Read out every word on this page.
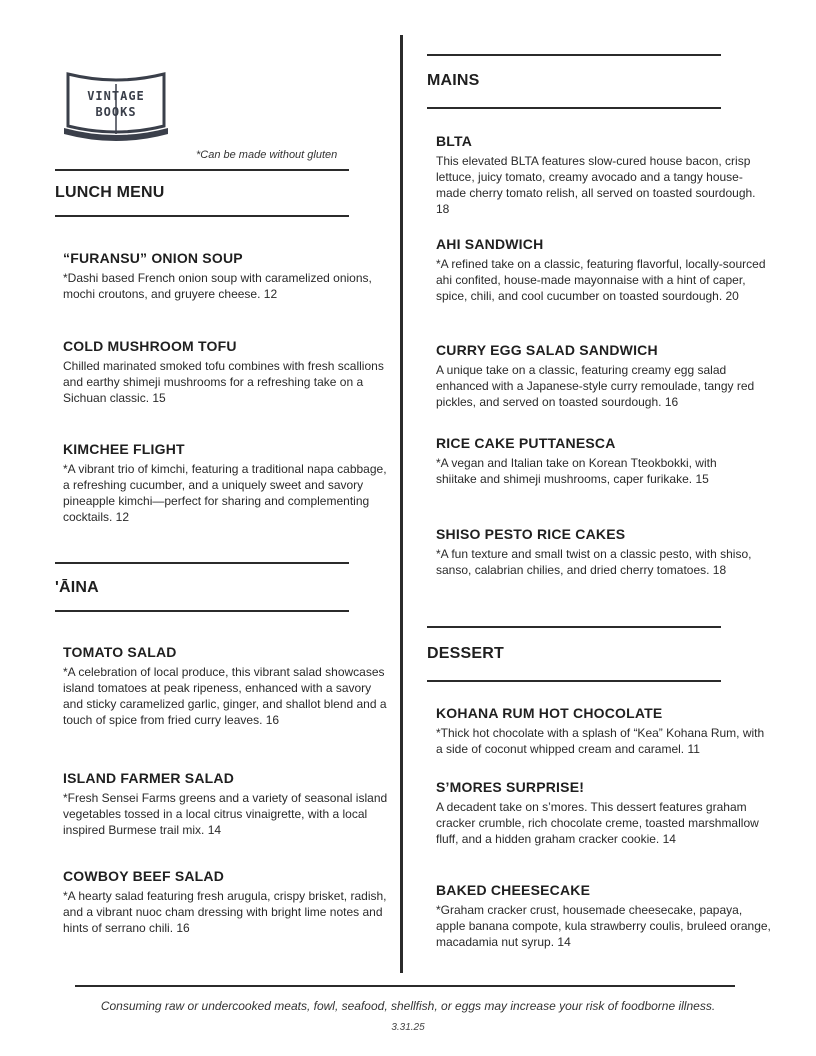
VINTAGE
BOOKS
*Can be made without gluten
LUNCH MENU
“FURANSU” ONION SOUP
*Dashi based French onion soup with caramelized onions, mochi croutons, and gruyere cheese. 12
COLD MUSHROOM TOFU
Chilled marinated smoked tofu combines with fresh scallions and earthy shimeji mushrooms for a refreshing take on a Sichuan classic. 15
KIMCHEE FLIGHT
*A vibrant trio of kimchi, featuring a traditional napa cabbage, a refreshing cucumber, and a uniquely sweet and savory pineapple kimchi—perfect for sharing and complementing cocktails. 12
'ĀINA
TOMATO SALAD
*A celebration of local produce, this vibrant salad showcases island tomatoes at peak ripeness, enhanced with a savory and sticky caramelized garlic, ginger, and shallot blend and a touch of spice from fried curry leaves. 16
ISLAND FARMER SALAD
*Fresh Sensei Farms greens and a variety of seasonal island vegetables tossed in a local citrus vinaigrette, with a local inspired Burmese trail mix. 14
COWBOY BEEF SALAD
*A hearty salad featuring fresh arugula, crispy brisket, radish, and a vibrant nuoc cham dressing with bright lime notes and hints of serrano chili. 16
MAINS
BLTA
This elevated BLTA features slow-cured house bacon, crisp lettuce, juicy tomato, creamy avocado and a tangy house-made cherry tomato relish, all served on toasted sourdough. 18
AHI SANDWICH
*A refined take on a classic, featuring flavorful, locally-sourced ahi confited, house-made mayonnaise with a hint of caper, spice, chili, and cool cucumber on toasted sourdough. 20
CURRY EGG SALAD SANDWICH
A unique take on a classic, featuring creamy egg salad enhanced with a Japanese-style curry remoulade, tangy red pickles, and served on toasted sourdough. 16
RICE CAKE PUTTANESCA
*A vegan and Italian take on Korean Tteokbokki, with shiitake and shimeji mushrooms, caper furikake. 15
SHISO PESTO RICE CAKES
*A fun texture and small twist on a classic pesto, with shiso, sanso, calabrian chilies, and dried cherry tomatoes. 18
DESSERT
KOHANA RUM HOT CHOCOLATE
*Thick hot chocolate with a splash of “Kea” Kohana Rum, with a side of coconut whipped cream and caramel. 11
S’MORES SURPRISE!
A decadent take on s’mores. This dessert features graham cracker crumble, rich chocolate creme, toasted marshmallow fluff, and a hidden graham cracker cookie. 14
BAKED CHEESECAKE
*Graham cracker crust, housemade cheesecake, papaya, apple banana compote, kula strawberry coulis, bruleed orange, macadamia nut syrup. 14
Consuming raw or undercooked meats, fowl, seafood, shellfish, or eggs may increase your risk of foodborne illness.
3.31.25
